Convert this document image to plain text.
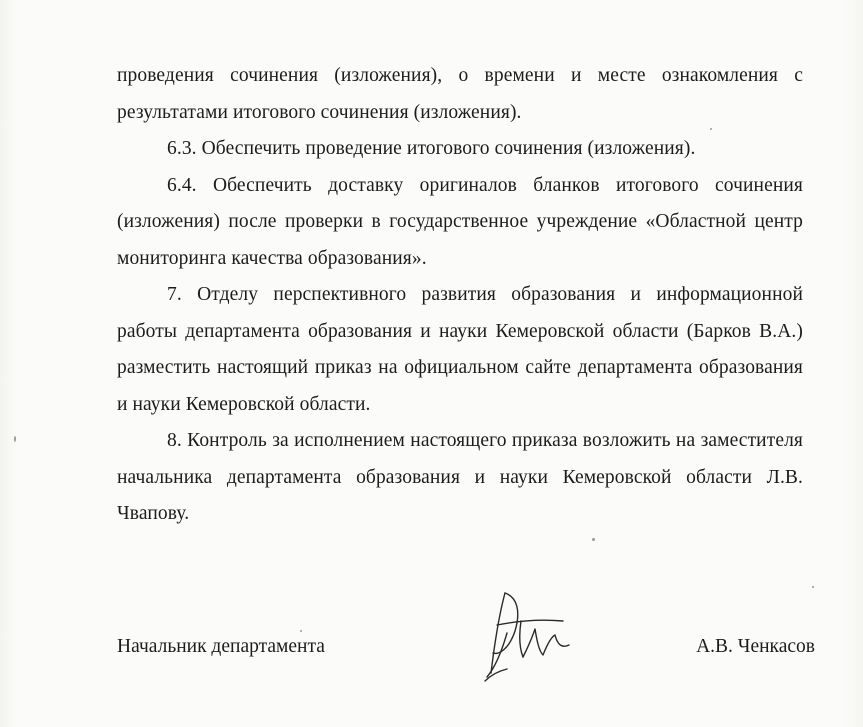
проведения сочинения (изложения), о времени и месте ознакомления с результатами итогового сочинения (изложения).

6.3. Обеспечить проведение итогового сочинения (изложения).

6.4. Обеспечить доставку оригиналов бланков итогового сочинения (изложения) после проверки в государственное учреждение «Областной центр мониторинга качества образования».

7. Отделу перспективного развития образования и информационной работы департамента образования и науки Кемеровской области (Барков В.А.) разместить настоящий приказ на официальном сайте департамента образования и науки Кемеровской области.

8. Контроль за исполнением настоящего приказа возложить на заместителя начальника департамента образования и науки Кемеровской области Л.В. Чвапову.

Начальник департамента	А.В. Ченкасов
